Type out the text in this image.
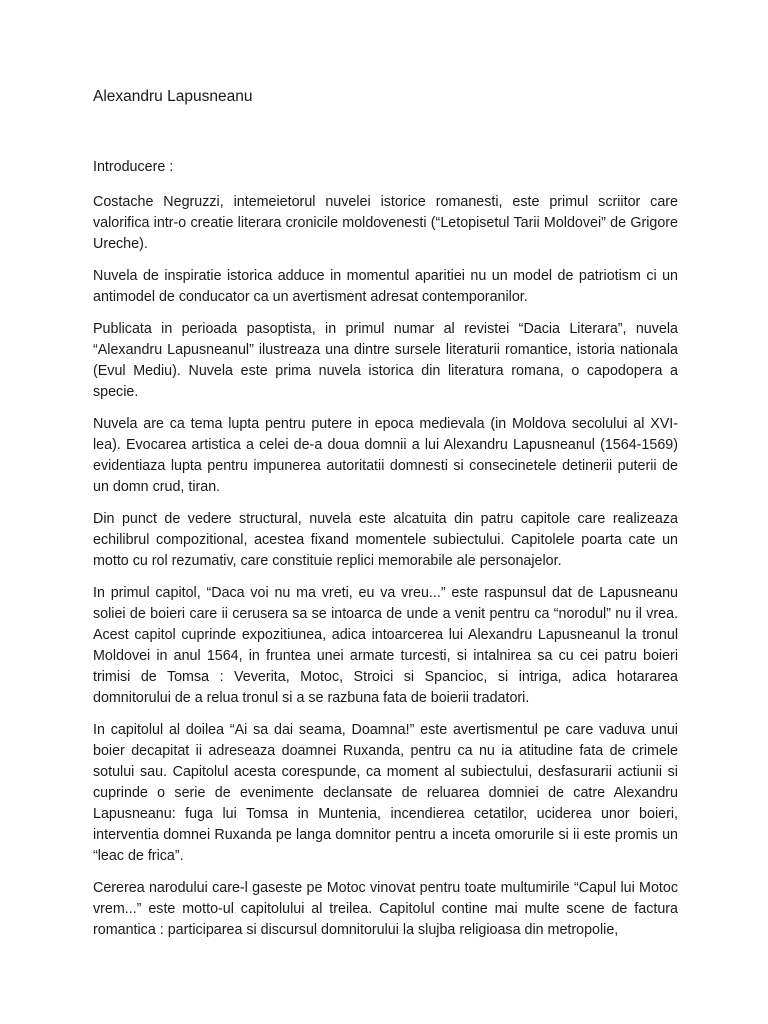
Alexandru Lapusneanu
Introducere :

Costache Negruzzi, intemeietorul nuvelei istorice romanesti, este primul scriitor care valorifica intr-o creatie literara cronicile moldovenesti (“Letopisetul Tarii Moldovei” de Grigore Ureche).

Nuvela de inspiratie istorica adduce in momentul aparitiei nu un model de patriotism ci un antimodel de conducator ca un avertisment adresat contemporanilor.

Publicata in perioada pasoptista, in primul numar al revistei “Dacia Literara”, nuvela “Alexandru Lapusneanul” ilustreaza una dintre sursele literaturii romantice, istoria nationala (Evul Mediu). Nuvela este prima nuvela istorica din literatura romana, o capodopera a specie.

Nuvela are ca tema lupta pentru putere in epoca medievala (in Moldova secolului al XVI-lea). Evocarea artistica a celei de-a doua domnii a lui Alexandru Lapusneanul (1564-1569) evidentiaza lupta pentru impunerea autoritatii domnesti si consecinetele detinerii puterii de un domn crud, tiran.

Din punct de vedere structural, nuvela este alcatuita din patru capitole care realizeaza echilibrul compozitional, acestea fixand momentele subiectului. Capitolele poarta cate un motto cu rol rezumativ, care constituie replici memorabile ale personajelor.

In primul capitol, “Daca voi nu ma vreti, eu va vreu...” este raspunsul dat de Lapusneanu soliei de boieri care ii cerusera sa se intoarca de unde a venit pentru ca “norodul” nu il vrea. Acest capitol cuprinde expozitiunea, adica intoarcerea lui Alexandru Lapusneanul la tronul Moldovei in anul 1564, in fruntea unei armate turcesti, si intalnirea sa cu cei patru boieri trimisi de Tomsa : Veverita, Motoc, Stroici si Spancioc, si intriga, adica hotararea domnitorului de a relua tronul si a se razbuna fata de boierii tradatori.

In capitolul al doilea “Ai sa dai seama, Doamna!” este avertismentul pe care vaduva unui boier decapitat ii adreseaza doamnei Ruxanda, pentru ca nu ia atitudine fata de crimele sotului sau. Capitolul acesta corespunde, ca moment al subiectului, desfasurarii actiunii si cuprinde o serie de evenimente declansate de reluarea domniei de catre Alexandru Lapusneanu: fuga lui Tomsa in Muntenia, incendierea cetatilor, uciderea unor boieri, interventia domnei Ruxanda pe langa domnitor pentru a inceta omorurile si ii este promis un “leac de frica”.

Cererea narodului care-l gaseste pe Motoc vinovat pentru toate multumirile “Capul lui Motoc vrem...” este motto-ul capitolului al treilea. Capitolul contine mai multe scene de factura romantica : participarea si discursul domnitorului la slujba religioasa din metropolie,
